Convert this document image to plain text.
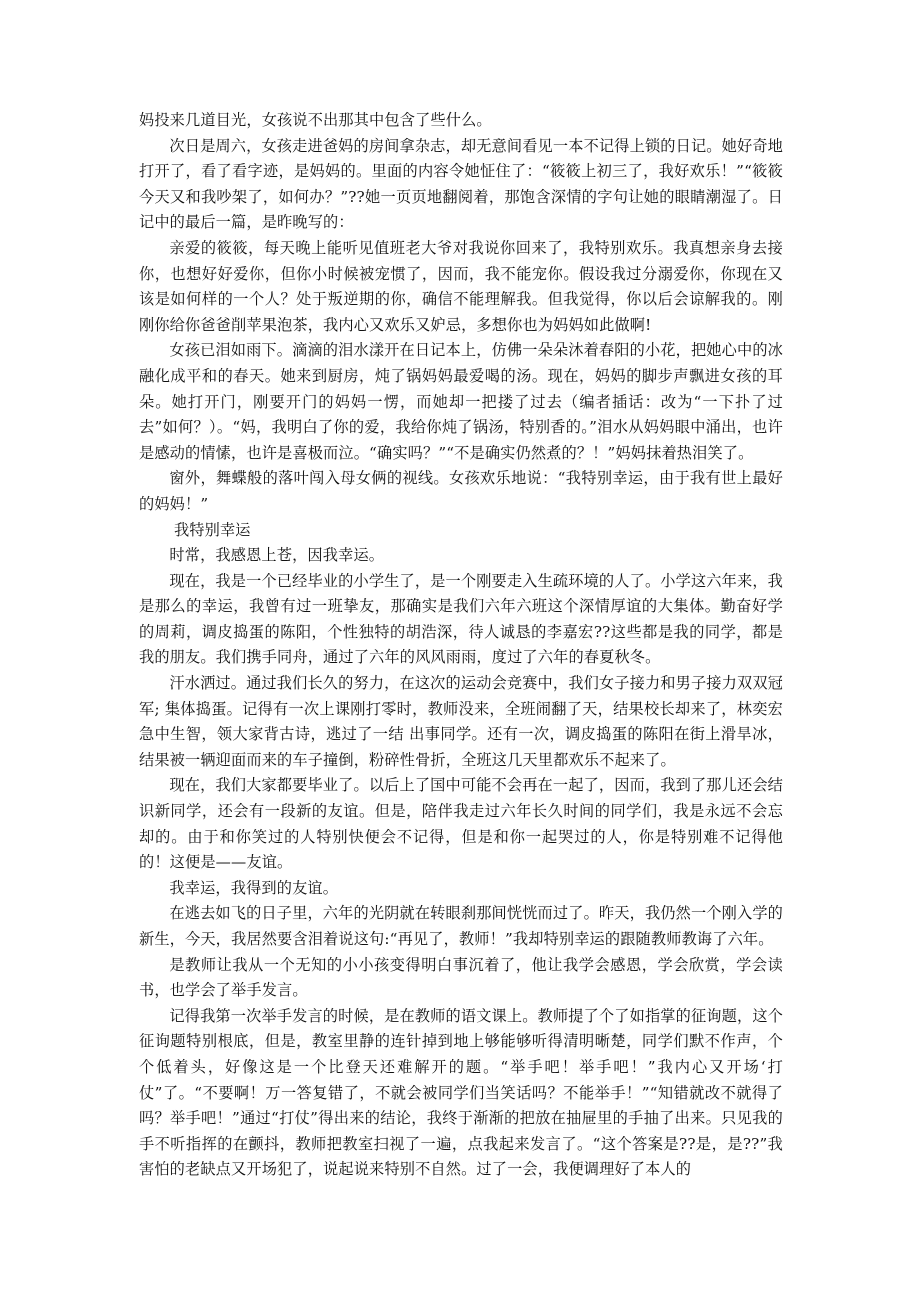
妈投来几道目光，女孩说不出那其中包含了些什么。

次日是周六，女孩走进爸妈的房间拿杂志，却无意间看见一本不记得上锁的日记。她好奇地打开了，看了看字迹，是妈妈的。里面的内容令她怔住了：“筱筱上初三了，我好欢乐！”“筱筱今天又和我吵架了，如何办？”??她一页页地翻阅着，那饱含深情的字句让她的眼睛潮湿了。日记中的最后一篇，是昨晚写的：

亲爱的筱筱，每天晚上能听见值班老大爷对我说你回来了，我特别欢乐。我真想亲身去接你，也想好好爱你，但你小时候被宠惯了，因而，我不能宠你。假设我过分溺爱你，你现在又该是如何样的一个人？处于叛逆期的你，确信不能理解我。但我觉得，你以后会谅解我的。刚刚你给你爸爸削苹果泡茶，我内心又欢乐又妒忌，多想你也为妈妈如此做啊!

女孩已泪如雨下。滴滴的泪水漾开在日记本上，仿佛一朵朵沐着春阳的小花，把她心中的冰融化成平和的春天。她来到厨房，炖了锅妈妈最爱喝的汤。现在，妈妈的脚步声飘进女孩的耳朵。她打开门，刚要开门的妈妈一愣，而她却一把搂了过去（编者插话：改为“一下扑了过去”如何？）。“妈，我明白了你的爱，我给你炖了锅汤，特别香的。”泪水从妈妈眼中涌出，也许是感动的情愫，也许是喜极而泣。“确实吗？”“不是确实仍然煮的？！”妈妈抹着热泪笑了。

窗外，舞蝶般的落叶闯入母女俩的视线。女孩欢乐地说：“我特别幸运，由于我有世上最好的妈妈！”

我特别幸运

时常，我感恩上苍，因我幸运。

现在，我是一个已经毕业的小学生了，是一个刚要走入生疏环境的人了。小学这六年来，我是那么的幸运，我曾有过一班挚友，那确实是我们六年六班这个深情厚谊的大集体。勤奋好学的周莉，调皮捣蛋的陈阳，个性独特的胡浩深，待人诚恳的李嘉宏??这些都是我的同学，都是我的朋友。我们携手同舟，通过了六年的风风雨雨，度过了六年的春夏秋冬。

汗水洒过。通过我们长久的努力，在这次的运动会竞赛中，我们女子接力和男子接力双双冠军; 集体捣蛋。记得有一次上课刚打零时，教师没来，全班闹翻了天，结果校长却来了，林奕宏急中生智，领大家背古诗，逃过了一结 出事同学。还有一次，调皮捣蛋的陈阳在街上滑旱冰，结果被一辆迎面而来的车子撞倒，粉碎性骨折，全班这几天里都欢乐不起来了。

现在，我们大家都要毕业了。以后上了国中可能不会再在一起了，因而，我到了那儿还会结识新同学，还会有一段新的友谊。但是，陪伴我走过六年长久时间的同学们，我是永远不会忘却的。由于和你笑过的人特别快便会不记得，但是和你一起哭过的人，你是特别难不记得他的！这便是——友谊。

我幸运，我得到的友谊。

在逃去如飞的日子里，六年的光阴就在转眼刹那间恍恍而过了。昨天，我仍然一个刚入学的新生，今天，我居然要含泪着说这句:“再见了，教师！”我却特别幸运的跟随教师教诲了六年。

是教师让我从一个无知的小小孩变得明白事沉着了，他让我学会感恩，学会欣赏，学会读书，也学会了举手发言。

记得我第一次举手发言的时候，是在教师的语文课上。教师提了个了如指掌的征询题，这个征询题特别根底，但是，教室里静的连针掉到地上够能够听得清明晰楚，同学们默不作声，个个低着头，好像这是一个比登天还难解开的题。“举手吧！举手吧！”我内心又开场‘打仗”了。“不要啊！万一答复错了，不就会被同学们当笑话吗？不能举手！”“知错就改不就得了吗？举手吧！”通过“打仗”得出来的结论，我终于渐渐的把放在抽屉里的手抽了出来。只见我的手不听指挥的在颤抖，教师把教室扫视了一遍，点我起来发言了。“这个答案是??是，是??”我害怕的老缺点又开场犯了，说起说来特别不自然。过了一会，我便调理好了本人的
